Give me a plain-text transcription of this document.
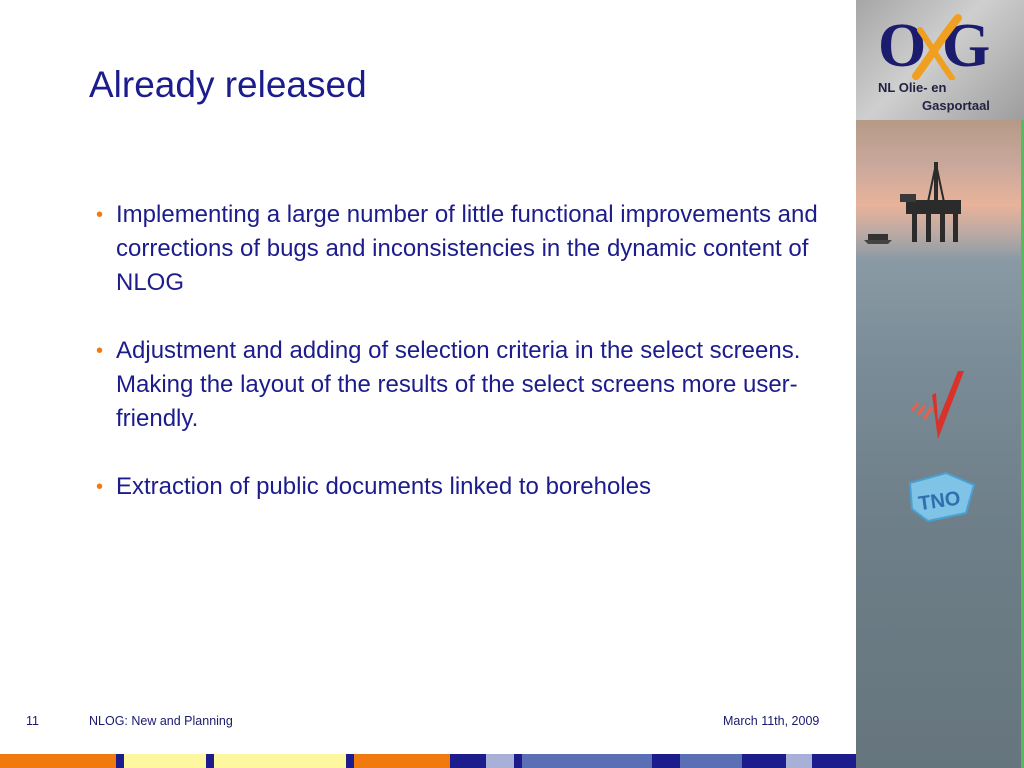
Already released
• Implementing a large number of little functional improvements and corrections of bugs and inconsistencies in the dynamic content of NLOG
• Adjustment and adding of selection criteria in the select screens. Making the layout of the results of the select screens more user-friendly.
• Extraction of public documents linked to boreholes
11	NLOG: New and Planning	March 11th, 2009
O G
NL Olie- en
Gasportaal
TNO
